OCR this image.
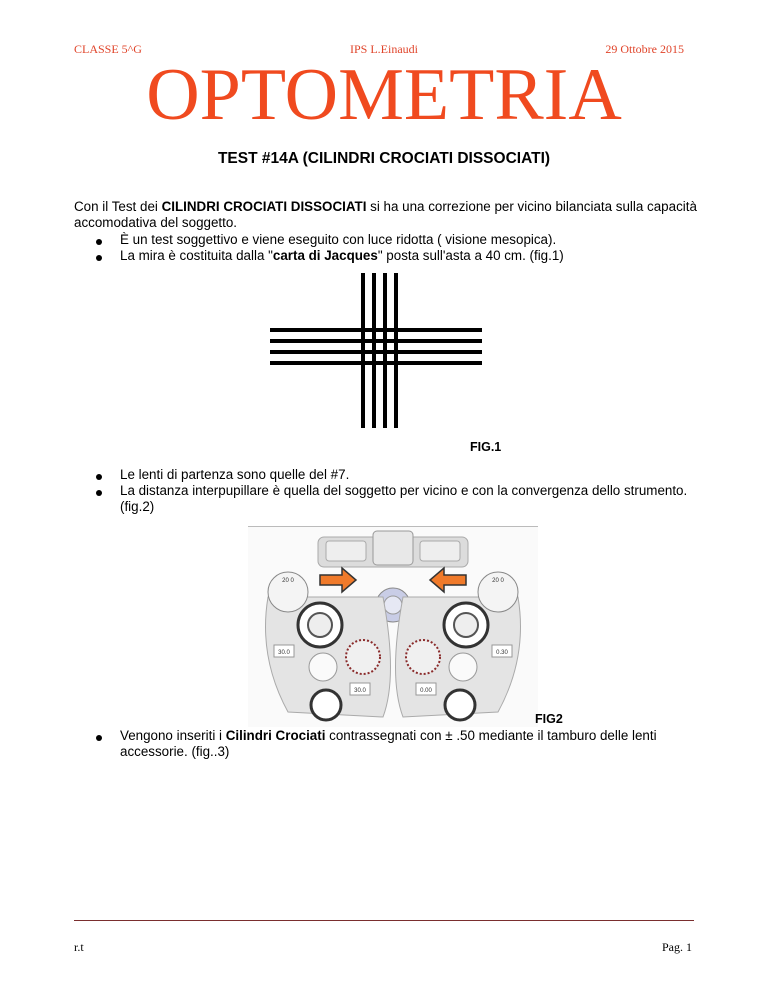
CLASSE 5^G	IPS L.Einaudi	29 Ottobre 2015
OPTOMETRIA
TEST #14A (CILINDRI CROCIATI DISSOCIATI)
Con il Test dei CILINDRI CROCIATI DISSOCIATI si ha una correzione per vicino bilanciata sulla capacità accomodativa del soggetto.
È un test soggettivo e viene eseguito con luce ridotta ( visione mesopica).
La mira è costituita dalla "carta di Jacques" posta sull'asta a 40 cm. (fig.1)
FIG.1
Le lenti di partenza sono quelle del #7.
La distanza interpupillare è quella del soggetto per vicino e con la convergenza dello strumento. (fig.2)
20 0	20 0
30.0	0.30
30.0	0.00
FIG2
Vengono inseriti i Cilindri Crociati contrassegnati con ± .50 mediante il tamburo delle lenti accessorie. (fig..3)
r.t	Pag. 1
